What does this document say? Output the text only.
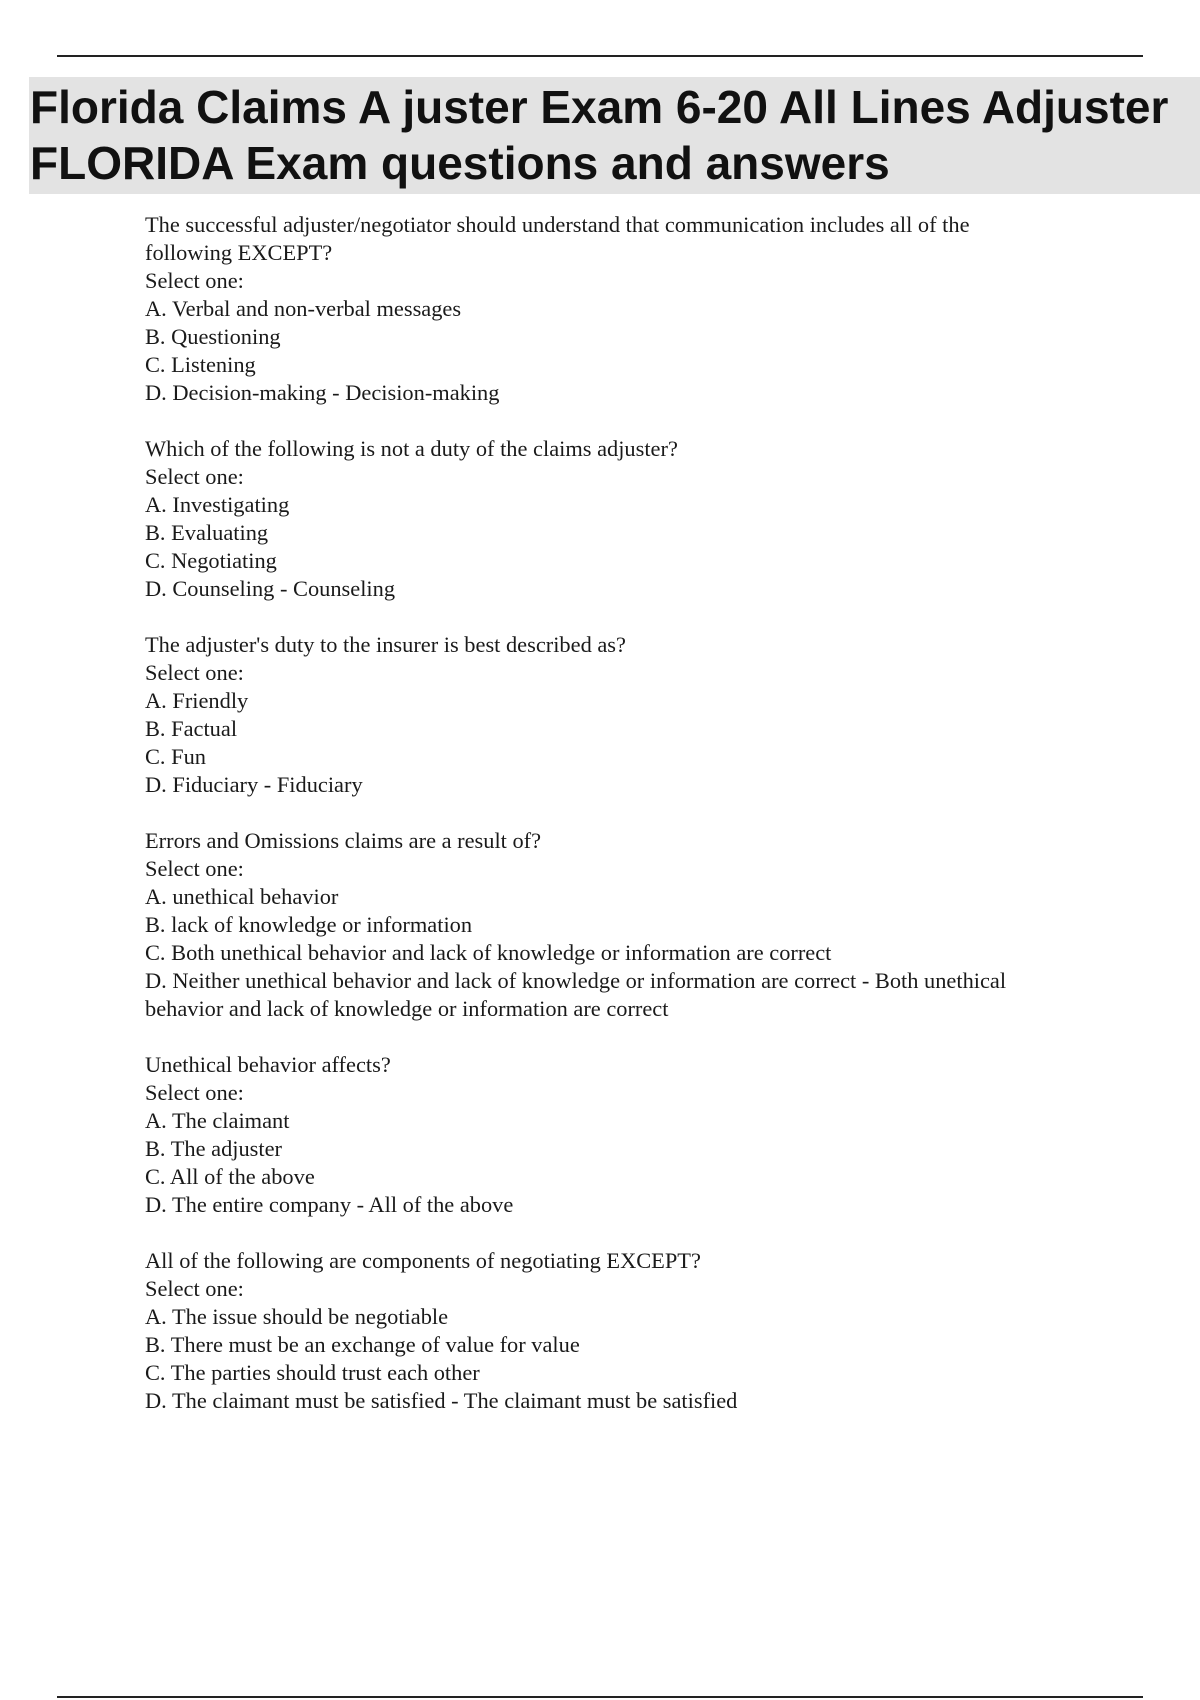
Florida Claims A juster Exam 6-20 All Lines Adjuster
FLORIDA Exam questions and answers
The successful adjuster/negotiator should understand that communication includes all of the
following EXCEPT?
Select one:
A. Verbal and non-verbal messages
B. Questioning
C. Listening
D. Decision-making - Decision-making
Which of the following is not a duty of the claims adjuster?
Select one:
A. Investigating
B. Evaluating
C. Negotiating
D. Counseling - Counseling
The adjuster's duty to the insurer is best described as?
Select one:
A. Friendly
B. Factual
C. Fun
D. Fiduciary - Fiduciary
Errors and Omissions claims are a result of?
Select one:
A. unethical behavior
B. lack of knowledge or information
C. Both unethical behavior and lack of knowledge or information are correct
D. Neither unethical behavior and lack of knowledge or information are correct - Both unethical
behavior and lack of knowledge or information are correct
Unethical behavior affects?
Select one:
A. The claimant
B. The adjuster
C. All of the above
D. The entire company - All of the above
All of the following are components of negotiating EXCEPT?
Select one:
A. The issue should be negotiable
B. There must be an exchange of value for value
C. The parties should trust each other
D. The claimant must be satisfied - The claimant must be satisfied
